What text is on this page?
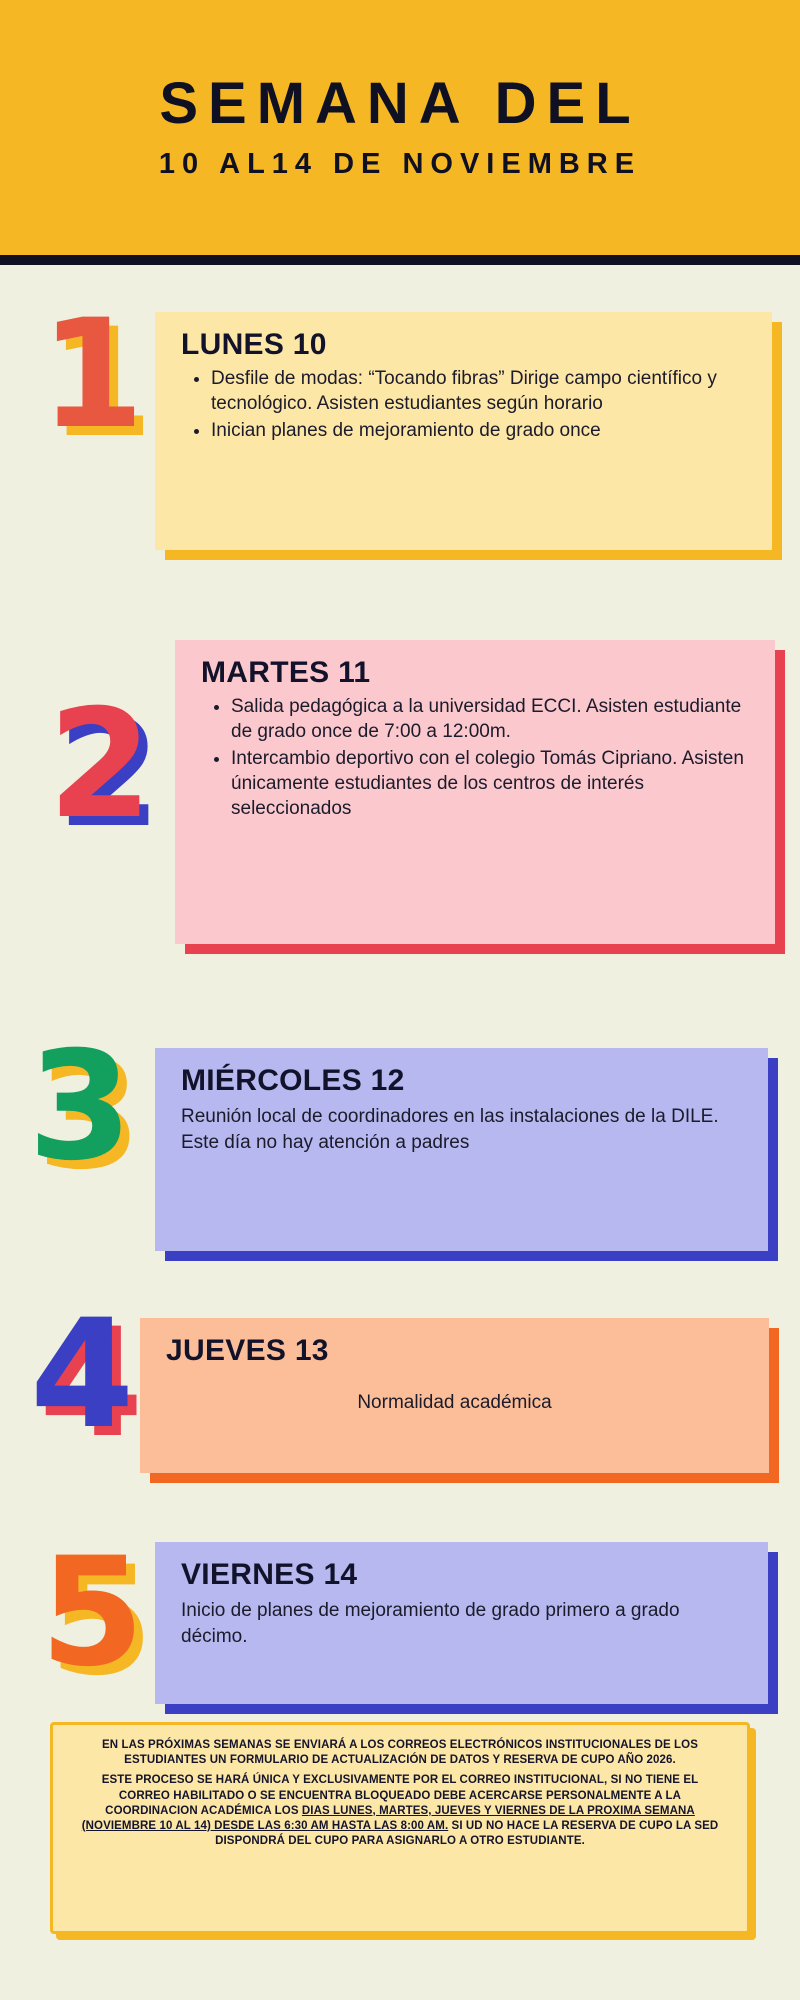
SEMANA DEL
10 AL14 DE NOVIEMBRE
LUNES 10
• Desfile de modas: “Tocando fibras” Dirige campo científico y tecnológico. Asisten estudiantes según horario
• Inician planes de mejoramiento de grado once
1
MARTES 11
• Salida pedagógica a la universidad ECCI. Asisten estudiante de grado once de 7:00 a 12:00m.
• Intercambio deportivo con el colegio Tomás Cipriano. Asisten únicamente estudiantes de los centros de interés seleccionados
2
MIÉRCOLES 12

Reunión local de coordinadores en las instalaciones de la DILE. Este día no hay atención a padres

3
JUEVES 13

Normalidad académica

4
VIERNES 14

Inicio de planes de mejoramiento de grado primero a grado décimo.

5

EN LAS PRÓXIMAS SEMANAS SE ENVIARÁ A LOS CORREOS ELECTRÓNICOS INSTITUCIONALES DE LOS ESTUDIANTES UN FORMULARIO DE ACTUALIZACIÓN DE DATOS Y RESERVA DE CUPO AÑO 2026.

ESTE PROCESO SE HARÁ ÚNICA Y EXCLUSIVAMENTE POR EL CORREO INSTITUCIONAL, SI NO TIENE EL CORREO HABILITADO O SE ENCUENTRA BLOQUEADO DEBE ACERCARSE PERSONALMENTE A LA COORDINACION ACADÉMICA LOS DIAS LUNES, MARTES, JUEVES Y VIERNES DE LA PROXIMA SEMANA (NOVIEMBRE 10 AL 14) DESDE LAS 6:30 AM HASTA LAS 8:00 AM. SI UD NO HACE LA RESERVA DE CUPO LA SED DISPONDRÁ DEL CUPO PARA ASIGNARLO A OTRO ESTUDIANTE.
